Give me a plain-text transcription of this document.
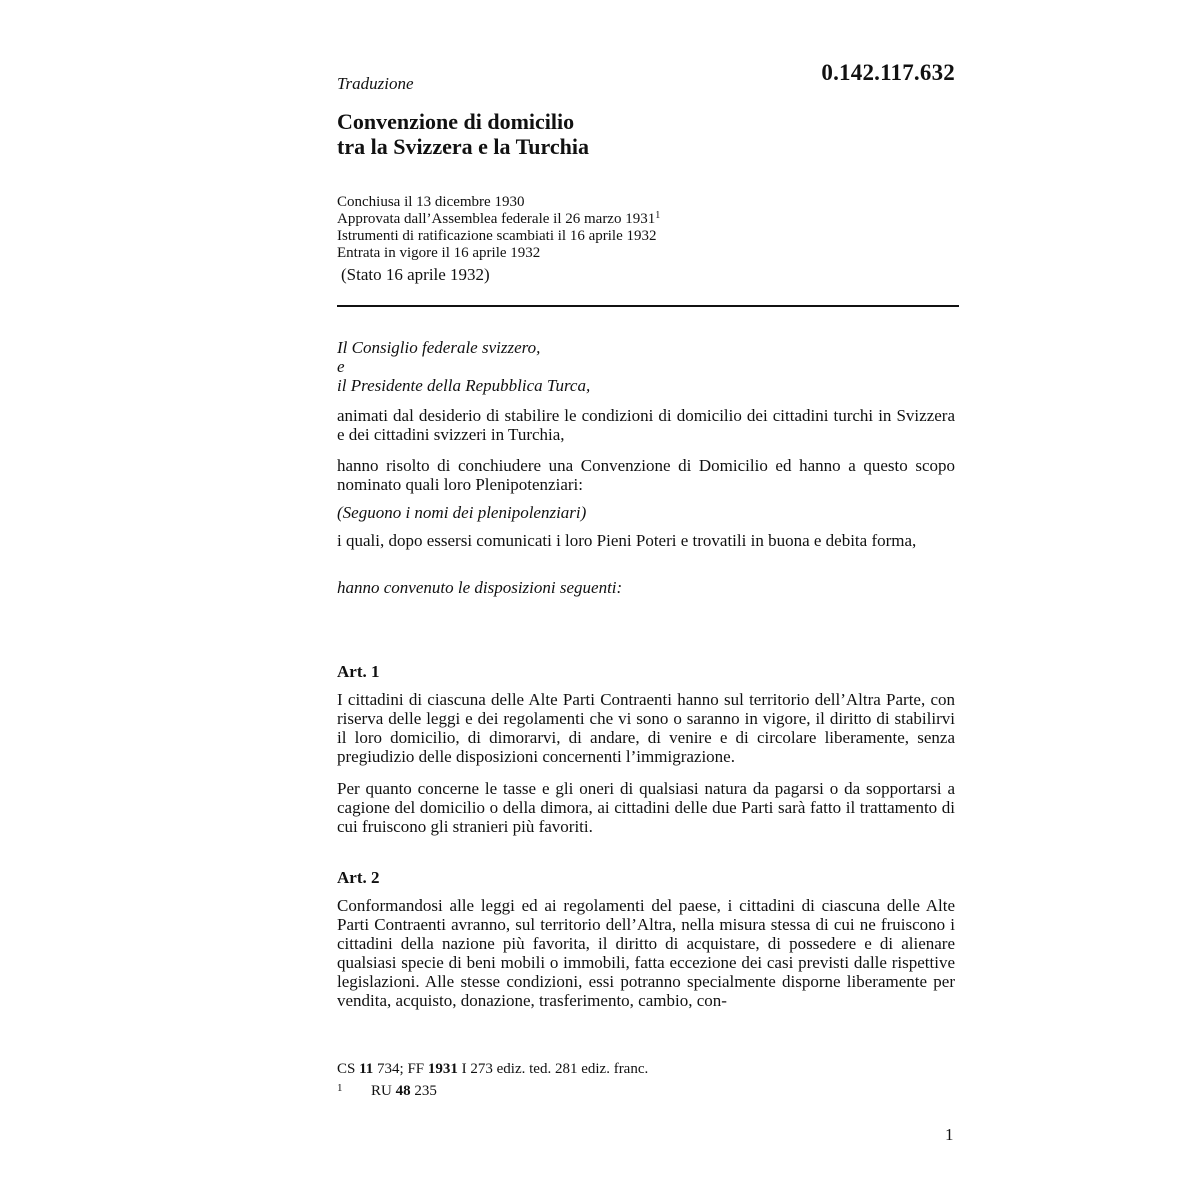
Traduzione	0.142.117.632
Convenzione di domicilio
tra la Svizzera e la Turchia
Conchiusa il 13 dicembre 1930
Approvata dall’Assemblea federale il 26 marzo 1931$^1$
Istrumenti di ratificazione scambiati il 16 aprile 1932
Entrata in vigore il 16 aprile 1932
(Stato 16 aprile 1932)

Il Consiglio federale svizzero,

e

il Presidente della Repubblica Turca,

animati dal desiderio di stabilire le condizioni di domicilio dei cittadini turchi in Svizzera e dei cittadini svizzeri in Turchia,

hanno risolto di conchiudere una Convenzione di Domicilio ed hanno a questo scopo nominato quali loro Plenipotenziari:

(Seguono i nomi dei plenipolenziari)

i quali, dopo essersi comunicati i loro Pieni Poteri e trovatili in buona e debita forma,

hanno convenuto le disposizioni seguenti:

Art. 1

I cittadini di ciascuna delle Alte Parti Contraenti hanno sul territorio dell’Altra Parte, con riserva delle leggi e dei regolamenti che vi sono o saranno in vigore, il diritto di stabilirvi il loro domicilio, di dimorarvi, di andare, di venire e di circolare liberamente, senza pregiudizio delle disposizioni concernenti l’immigrazione.

Per quanto concerne le tasse e gli oneri di qualsiasi natura da pagarsi o da sopportarsi a cagione del domicilio o della dimora, ai cittadini delle due Parti sarà fatto il trattamento di cui fruiscono gli stranieri più favoriti.

Art. 2

Conformandosi alle leggi ed ai regolamenti del paese, i cittadini di ciascuna delle Alte Parti Contraenti avranno, sul territorio dell’Altra, nella misura stessa di cui ne fruiscono i cittadini della nazione più favorita, il diritto di acquistare, di possedere e di alienare qualsiasi specie di beni mobili o immobili, fatta eccezione dei casi previsti dalle rispettive legislazioni. Alle stesse condizioni, essi potranno specialmente disporne liberamente per vendita, acquisto, donazione, trasferimento, cambio, con-

CS 11 734; FF 1931 I 273 ediz. ted. 281 ediz. franc.
1 RU 48 235
1
